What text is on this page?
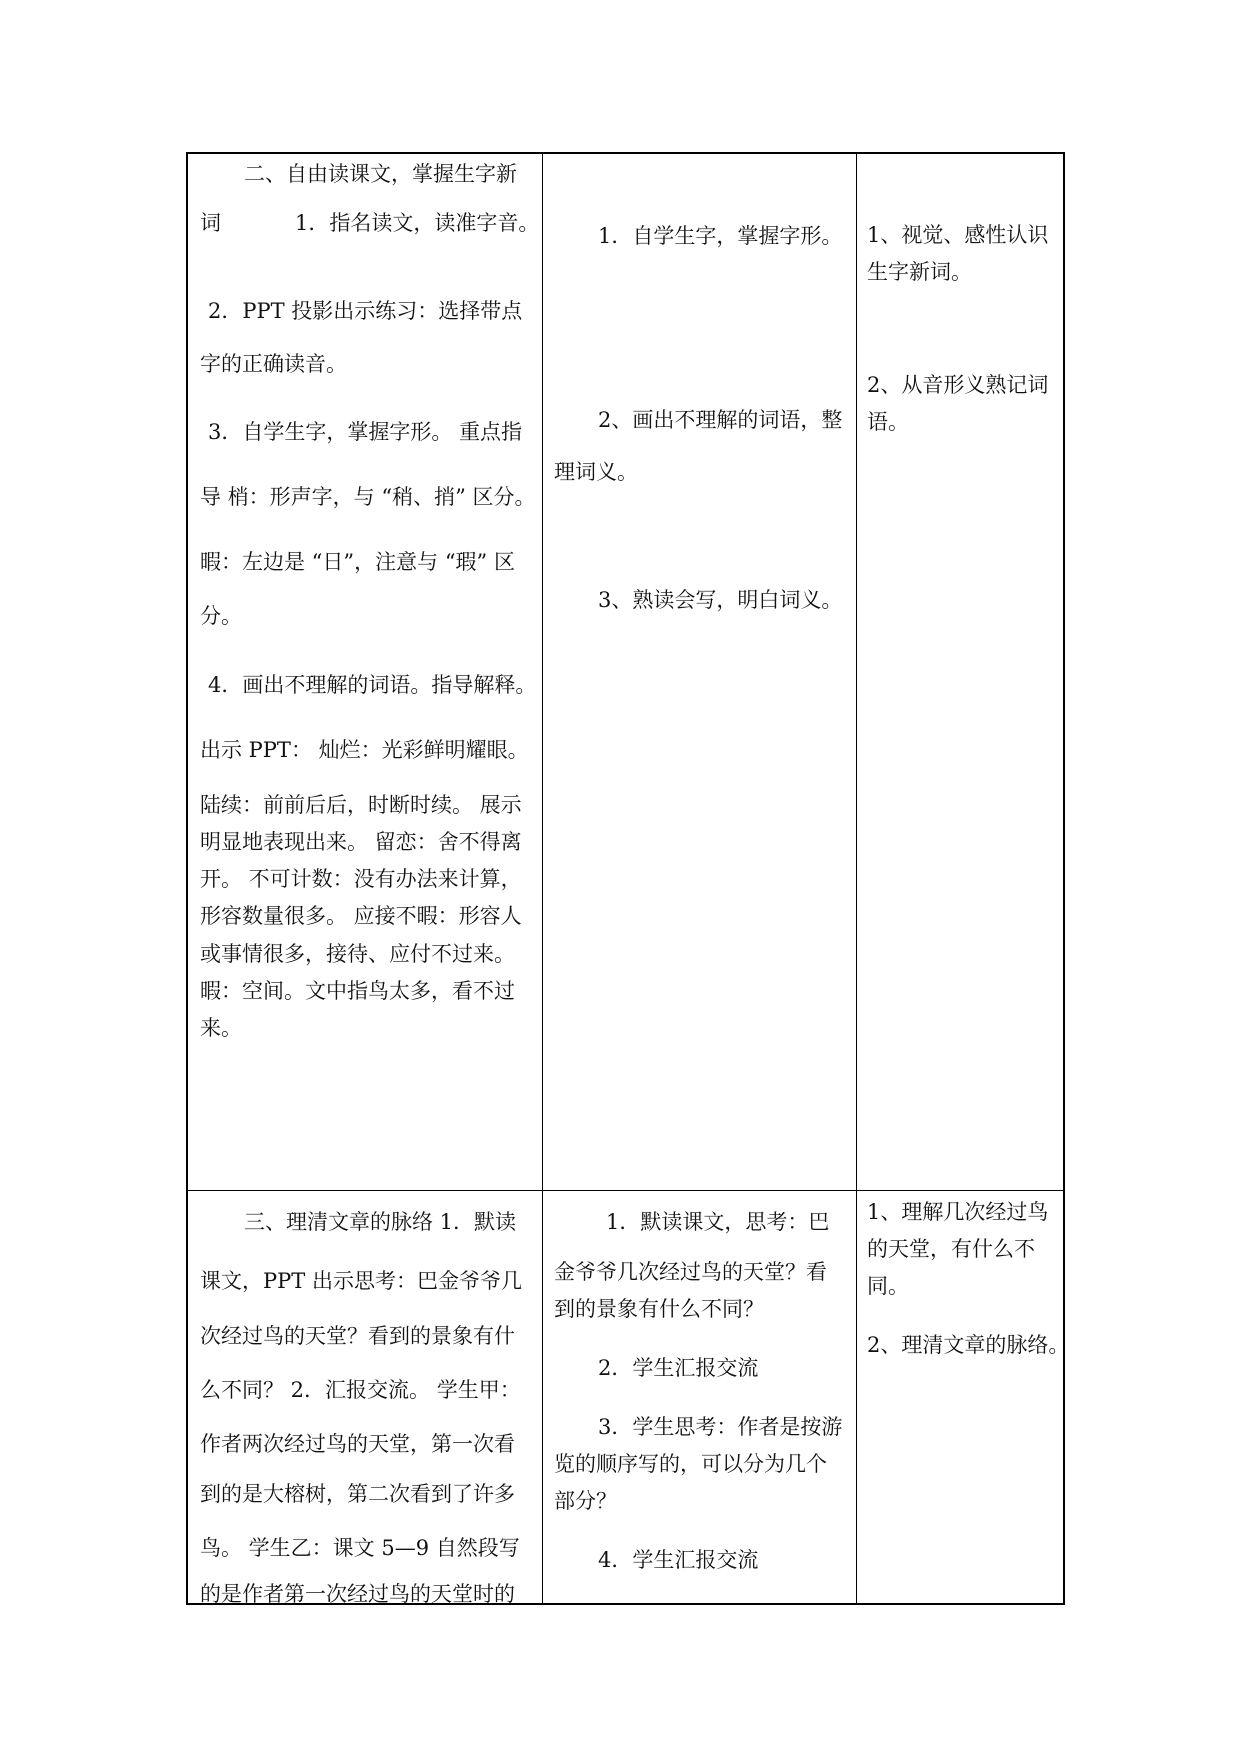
二、自由读课文，掌握生字新
词	1．指名读文，读准字音。
2．PPT 投影出示练习：选择带点
字的正确读音。
3．自学生字，掌握字形。 重点指
导 梢：形声字，与 “稍、捎” 区分。
暇：左边是 “日”，注意与 “瑕” 区
分。
4．画出不理解的词语。指导解释。
出示 PPT： 灿烂：光彩鲜明耀眼。
陆续：前前后后，时断时续。 展示
明显地表现出来。 留恋：舍不得离
开。 不可计数：没有办法来计算，
形容数量很多。 应接不暇：形容人
或事情很多，接待、应付不过来。
暇：空间。文中指鸟太多，看不过
来。
1．自学生字，掌握字形。
2、画出不理解的词语，整
理词义。
3、熟读会写，明白词义。
1、视觉、感性认识
生字新词。
2、从音形义熟记词
语。
三、理清文章的脉络 1．默读
课文，PPT 出示思考：巴金爷爷几
次经过鸟的天堂？看到的景象有什
么不同？ 2．汇报交流。 学生甲：
作者两次经过鸟的天堂，第一次看
到的是大榕树，第二次看到了许多
鸟。 学生乙：课文 5—9 自然段写
的是作者第一次经过鸟的天堂时的
1．默读课文，思考：巴
金爷爷几次经过鸟的天堂？看
到的景象有什么不同？
2．学生汇报交流
3．学生思考：作者是按游
览的顺序写的，可以分为几个
部分？
4．学生汇报交流
1、理解几次经过鸟
的天堂，有什么不
同。
2、理清文章的脉络。
